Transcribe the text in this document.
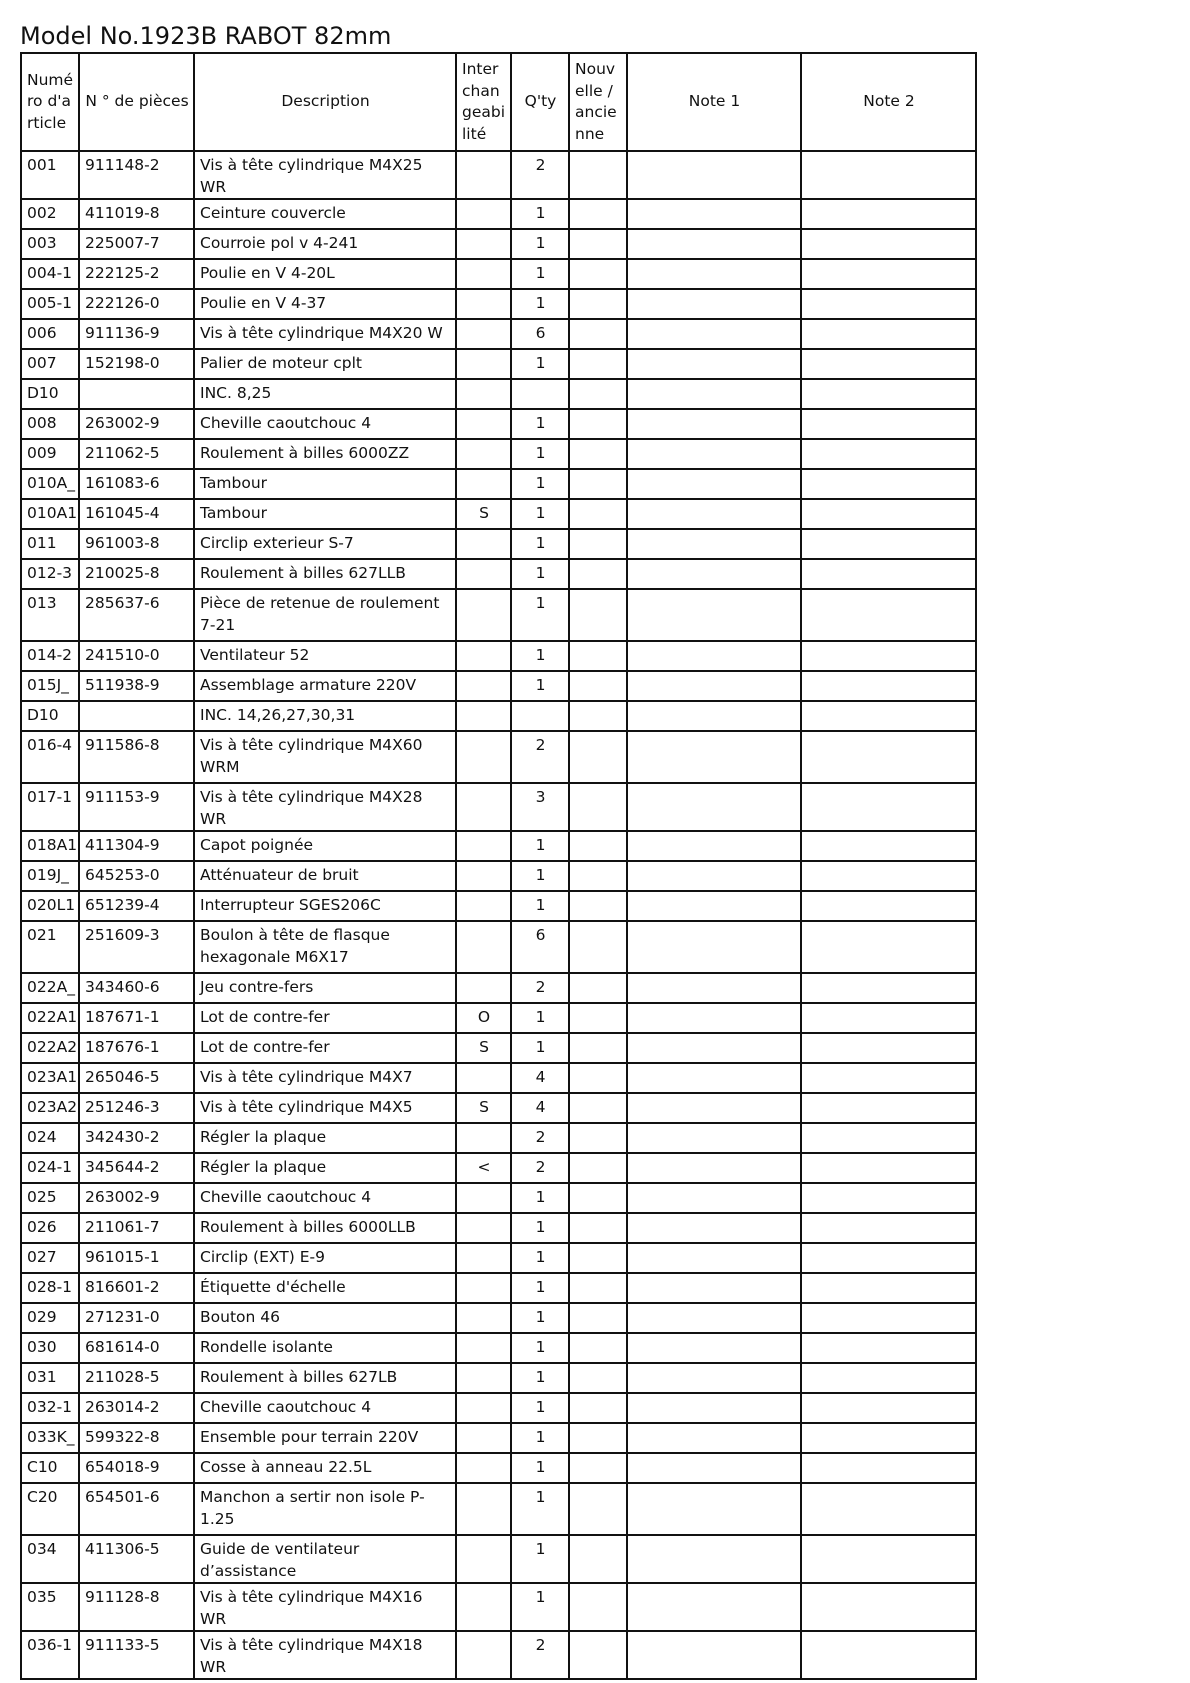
Model No.1923B RABOT 82mm
Numéro d'article	N ° de pièces	Description	Interchangeabilité	Q'ty	Nouvelle / ancienne	Note 1	Note 2

001	911148-2	Vis à tête cylindrique M4X25 WR		2			
002	411019-8	Ceinture couvercle		1			
003	225007-7	Courroie pol v 4-241		1			
004-1	222125-2	Poulie en V 4-20L		1			
005-1	222126-0	Poulie en V 4-37		1			
006	911136-9	Vis à tête cylindrique M4X20 W		6			
007	152198-0	Palier de moteur cplt		1			
D10		INC. 8,25					
008	263002-9	Cheville caoutchouc 4		1			
009	211062-5	Roulement à billes 6000ZZ		1			
010A_	161083-6	Tambour		1			
010A1	161045-4	Tambour	S	1			
011	961003-8	Circlip exterieur S-7		1			
012-3	210025-8	Roulement à billes 627LLB		1			
013	285637-6	Pièce de retenue de roulement 7-21		1			
014-2	241510-0	Ventilateur 52		1			
015J_	511938-9	Assemblage armature 220V		1			
D10		INC. 14,26,27,30,31					
016-4	911586-8	Vis à tête cylindrique M4X60 WRM		2			
017-1	911153-9	Vis à tête cylindrique M4X28 WR		3			
018A1	411304-9	Capot poignée		1			
019J_	645253-0	Atténuateur de bruit		1			
020L1	651239-4	Interrupteur SGES206C		1			
021	251609-3	Boulon à tête de flasque hexagonale M6X17		6			
022A_	343460-6	Jeu contre-fers		2			
022A1	187671-1	Lot de contre-fer	O	1			
022A2	187676-1	Lot de contre-fer	S	1			
023A1	265046-5	Vis à tête cylindrique M4X7		4			
023A2	251246-3	Vis à tête cylindrique M4X5	S	4			
024	342430-2	Régler la plaque		2			
024-1	345644-2	Régler la plaque	<	2			
025	263002-9	Cheville caoutchouc 4		1			
026	211061-7	Roulement à billes 6000LLB		1			
027	961015-1	Circlip (EXT) E-9		1			
028-1	816601-2	Étiquette d'échelle		1			
029	271231-0	Bouton 46		1			
030	681614-0	Rondelle isolante		1			
031	211028-5	Roulement à billes 627LB		1			
032-1	263014-2	Cheville caoutchouc 4		1			
033K_	599322-8	Ensemble pour terrain 220V		1			
C10	654018-9	Cosse à anneau 22.5L		1			
C20	654501-6	Manchon a sertir non isole P-1.25		1			
034	411306-5	Guide de ventilateur d’assistance		1			
035	911128-8	Vis à tête cylindrique M4X16 WR		1			
036-1	911133-5	Vis à tête cylindrique M4X18 WR		2			
